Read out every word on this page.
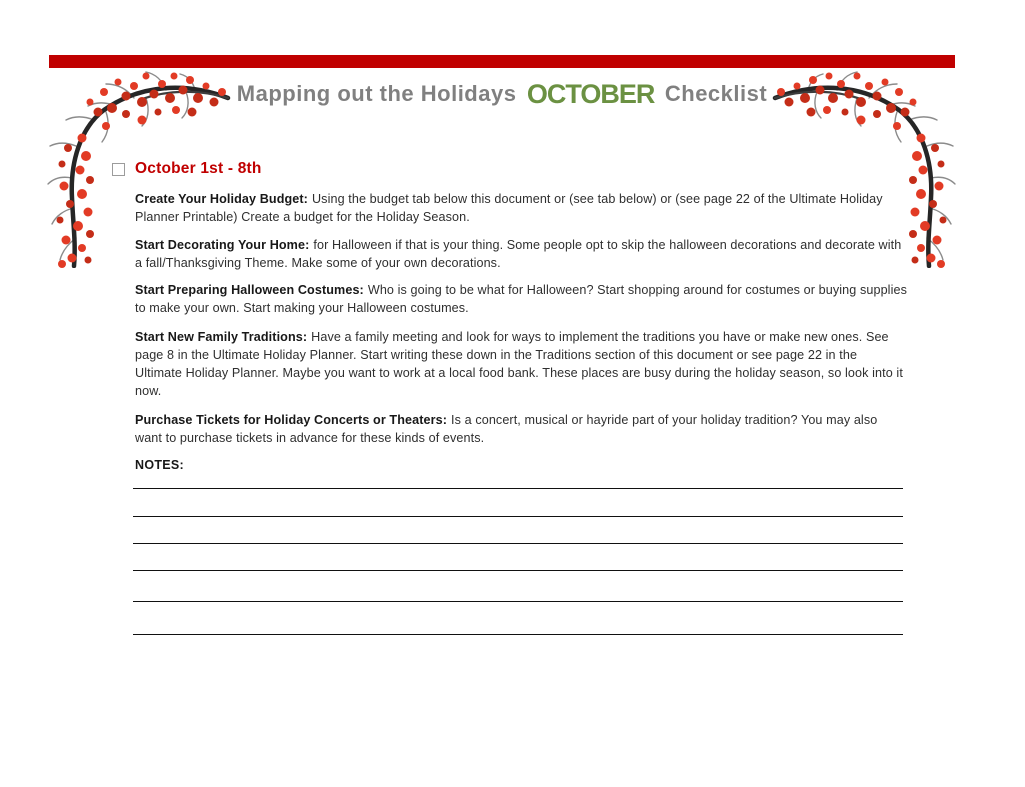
Mapping out the Holidays OCTOBER Checklist
October 1st - 8th
Create Your Holiday Budget: Using the budget tab below this document or (see tab below) or (see page 22 of the Ultimate Holiday Planner Printable) Create a budget for the Holiday Season.
Start Decorating Your Home: for Halloween if that is your thing. Some people opt to skip the halloween decorations and decorate with a fall/Thanksgiving Theme. Make some of your own decorations.
Start Preparing Halloween Costumes: Who is going to be what for Halloween? Start shopping around for costumes or buying supplies to make your own. Start making your Halloween costumes.
Start New Family Traditions: Have a family meeting and look for ways to implement the traditions you have or make new ones. See page 8 in the Ultimate Holiday Planner. Start writing these down in the Traditions section of this document or see page 22 in the Ultimate Holiday Planner. Maybe you want to work at a local food bank. These places are busy during the holiday season, so look into it now.
Purchase Tickets for Holiday Concerts or Theaters: Is a concert, musical or hayride part of your holiday tradition? You may also want to purchase tickets in advance for these kinds of events.
NOTES:
